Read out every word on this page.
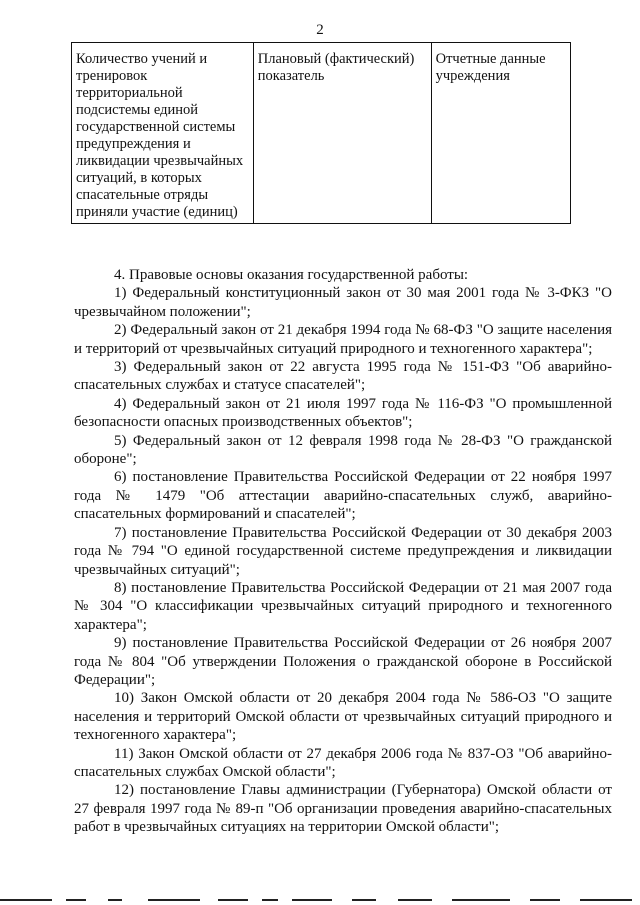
2
Количество учений и тренировок территориальной подсистемы единой государственной системы предупреждения и ликвидации чрезвычайных ситуаций, в которых спасательные отряды приняли участие (единиц)	Плановый (фактический) показатель	Отчетные данные учреждения

4. Правовые основы оказания государственной работы:

1) Федеральный конституционный закон от 30 мая 2001 года № 3-ФКЗ "О чрезвычайном положении";

2) Федеральный закон от 21 декабря 1994 года № 68-ФЗ "О защите населения и территорий от чрезвычайных ситуаций природного и техногенного характера";

3) Федеральный закон от 22 августа 1995 года № 151-ФЗ "Об аварийно-спасательных службах и статусе спасателей";

4) Федеральный закон от 21 июля 1997 года № 116-ФЗ "О промышленной безопасности опасных производственных объектов";

5) Федеральный закон от 12 февраля 1998 года № 28-ФЗ "О гражданской обороне";

6) постановление Правительства Российской Федерации от 22 ноября 1997 года № 1479 "Об аттестации аварийно-спасательных служб, аварийно-спасательных формирований и спасателей";

7) постановление Правительства Российской Федерации от 30 декабря 2003 года № 794 "О единой государственной системе предупреждения и ликвидации чрезвычайных ситуаций";

8) постановление Правительства Российской Федерации от 21 мая 2007 года № 304 "О классификации чрезвычайных ситуаций природного и техногенного характера";

9) постановление Правительства Российской Федерации от 26 ноября 2007 года № 804 "Об утверждении Положения о гражданской обороне в Российской Федерации";

10) Закон Омской области от 20 декабря 2004 года № 586-ОЗ "О защите населения и территорий Омской области от чрезвычайных ситуаций природного и техногенного характера";

11) Закон Омской области от 27 декабря 2006 года № 837-ОЗ "Об аварийно-спасательных службах Омской области";

12) постановление Главы администрации (Губернатора) Омской области от 27 февраля 1997 года № 89-п "Об организации проведения аварийно-спасательных работ в чрезвычайных ситуациях на территории Омской области";
